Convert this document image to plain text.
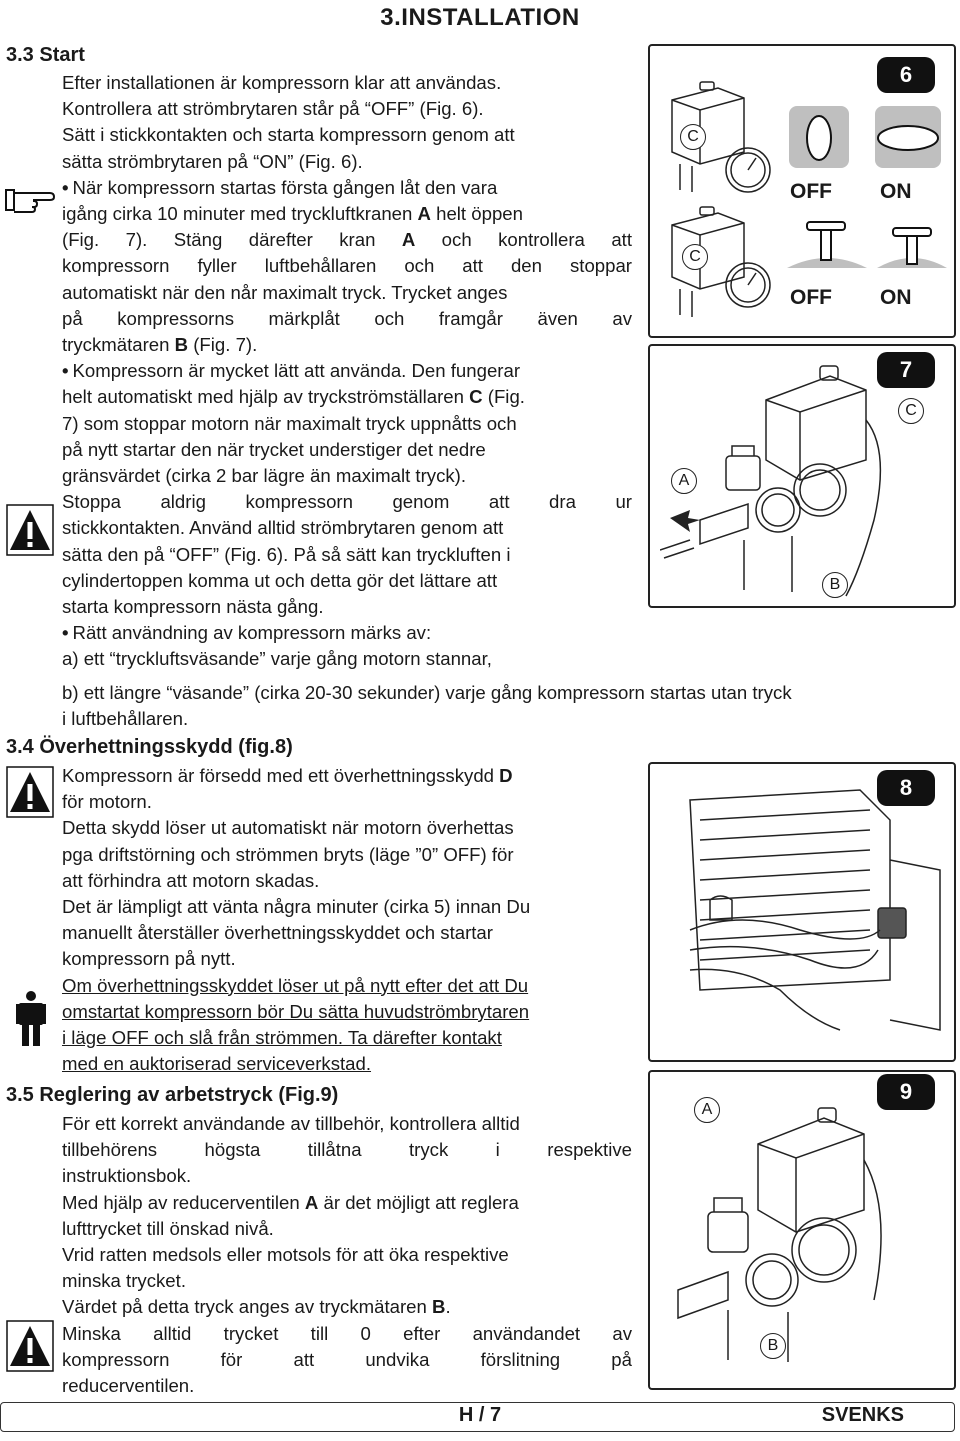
3.INSTALLATION
3.3 Start
Efter installationen är kompressorn klar att användas.
Kontrollera att strömbrytaren står på “OFF” (Fig. 6).
Sätt i stickkontakten och starta kompressorn genom att
sätta strömbrytaren på “ON” (Fig. 6).
• När kompressorn startas första gången låt den vara
igång cirka 10 minuter med tryckluftkranen A helt öppen
(Fig. 7). Stäng därefter kran A och kontrollera att
kompressorn fyller luftbehållaren och att den stoppar
automatiskt när den når maximalt tryck. Trycket anges
på kompressorns märkplåt och framgår även av
tryckmätaren B (Fig. 7).
• Kompressorn är mycket lätt att använda. Den fungerar
helt automatiskt med hjälp av tryckströmställaren C (Fig.
7) som stoppar motorn när maximalt tryck uppnåtts och
på nytt startar den när trycket understiger det nedre
gränsvärdet (cirka 2 bar lägre än maximalt tryck).
Stoppa aldrig kompressorn genom att dra ur
stickkontakten. Använd alltid strömbrytaren genom att
sätta den på “OFF” (Fig. 6). På så sätt kan tryckluften i
cylindertoppen komma ut och detta gör det lättare att
starta kompressorn nästa gång.
• Rätt användning av kompressorn märks av:
a) ett “tryckluftsväsande” varje gång motorn stannar,
b) ett längre “väsande” (cirka 20-30 sekunder) varje gång kompressorn startas utan tryck
i luftbehållaren.
3.4 Överhettningsskydd (fig.8)
Kompressorn är försedd med ett överhettningsskydd D
för motorn.
Detta skydd löser ut automatiskt när motorn överhettas
pga driftstörning och strömmen bryts (läge ”0” OFF) för
att förhindra att motorn skadas.
Det är lämpligt att vänta några minuter (cirka 5) innan Du
manuellt återställer överhettningsskyddet och startar
kompressorn på nytt.
Om överhettningsskyddet löser ut på nytt efter det att Du
omstartat kompressorn bör Du sätta huvudströmbrytaren
i läge OFF och slå från strömmen. Ta därefter kontakt
med en auktoriserad serviceverkstad.
3.5 Reglering av arbetstryck (Fig.9)
För ett korrekt användande av tillbehör, kontrollera alltid
tillbehörens högsta tillåtna tryck i respektive
instruktionsbok.
Med hjälp av reducerventilen A är det möjligt att reglera
lufttrycket till önskad nivå.
Vrid ratten medsols eller motsols för att öka respektive
minska trycket.
Värdet på detta tryck anges av tryckmätaren B.
Minska alltid trycket till 0 efter användandet av
kompressorn för att undvika förslitning på
reducerventilen.
6
C
C
OFF ON
OFF ON
7
A
B
C
8
9
A
B
H / 7	SVENKS
